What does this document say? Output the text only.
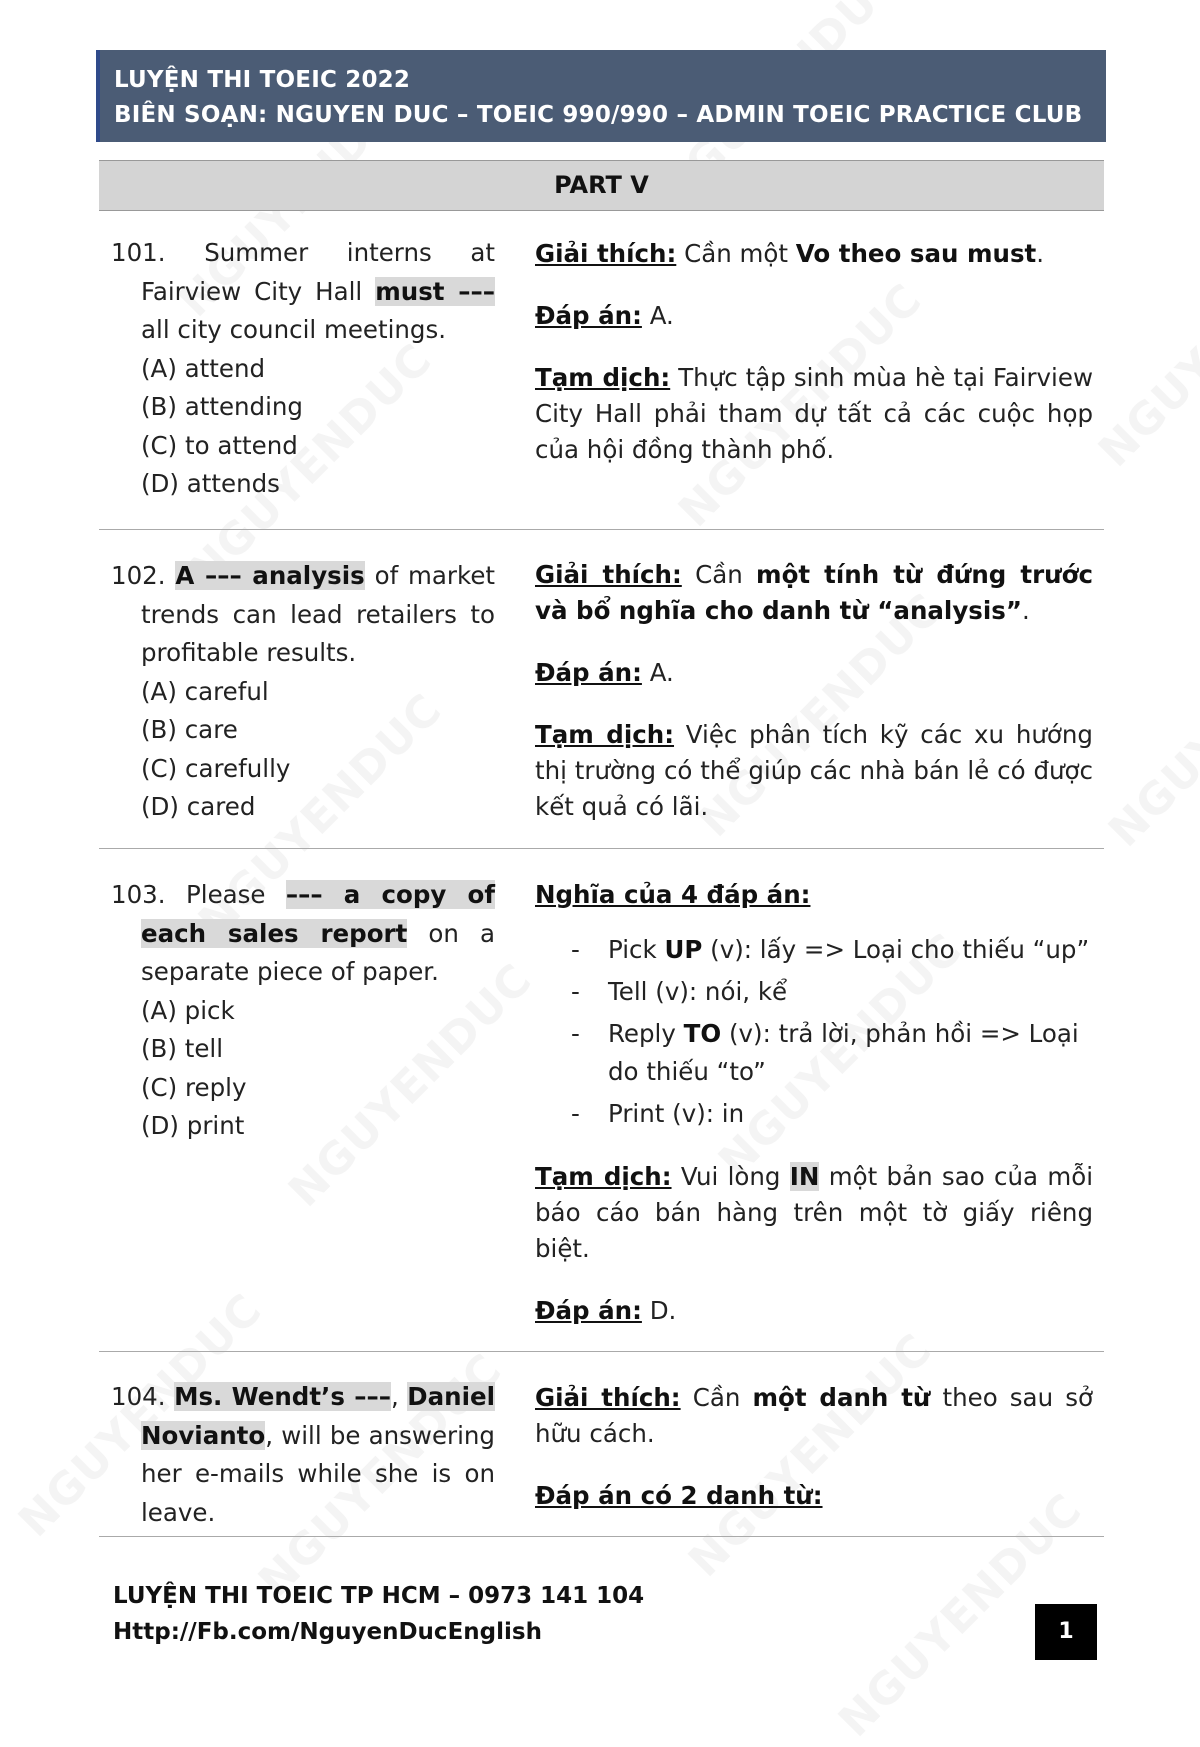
LUYỆN THI TOEIC 2022
BIÊN SOẠN: NGUYEN DUC – TOEIC 990/990 – ADMIN TOEIC PRACTICE CLUB
PART V
101. Summer interns at Fairview City Hall must ––– all city council meetings.
(A) attend
(B) attending
(C) to attend
(D) attends

Giải thích: Cần một Vo theo sau must.

Đáp án: A.

Tạm dịch: Thực tập sinh mùa hè tại Fairview City Hall phải tham dự tất cả các cuộc họp của hội đồng thành phố.

102. A ––– analysis of market trends can lead retailers to profitable results.
(A) careful
(B) care
(C) carefully
(D) cared

Giải thích: Cần một tính từ đứng trước và bổ nghĩa cho danh từ “analysis”.

Đáp án: A.

Tạm dịch: Việc phân tích kỹ các xu hướng thị trường có thể giúp các nhà bán lẻ có được kết quả có lãi.

103. Please ––– a copy of each sales report on a separate piece of paper.
(A) pick
(B) tell
(C) reply
(D) print

Nghĩa của 4 đáp án:

- Pick UP (v): lấy => Loại cho thiếu “up”
- Tell (v): nói, kể
- Reply TO (v): trả lời, phản hồi => Loại do thiếu “to”
- Print (v): in

Tạm dịch: Vui lòng IN một bản sao của mỗi báo cáo bán hàng trên một tờ giấy riêng biệt.

Đáp án: D.

104. Ms. Wendt’s –––, Daniel Novianto, will be answering her e-mails while she is on leave.

Giải thích: Cần một danh từ theo sau sở hữu cách.

Đáp án có 2 danh từ:

LUYỆN THI TOEIC TP HCM – 0973 141 104
Http://Fb.com/NguyenDucEnglish	1
